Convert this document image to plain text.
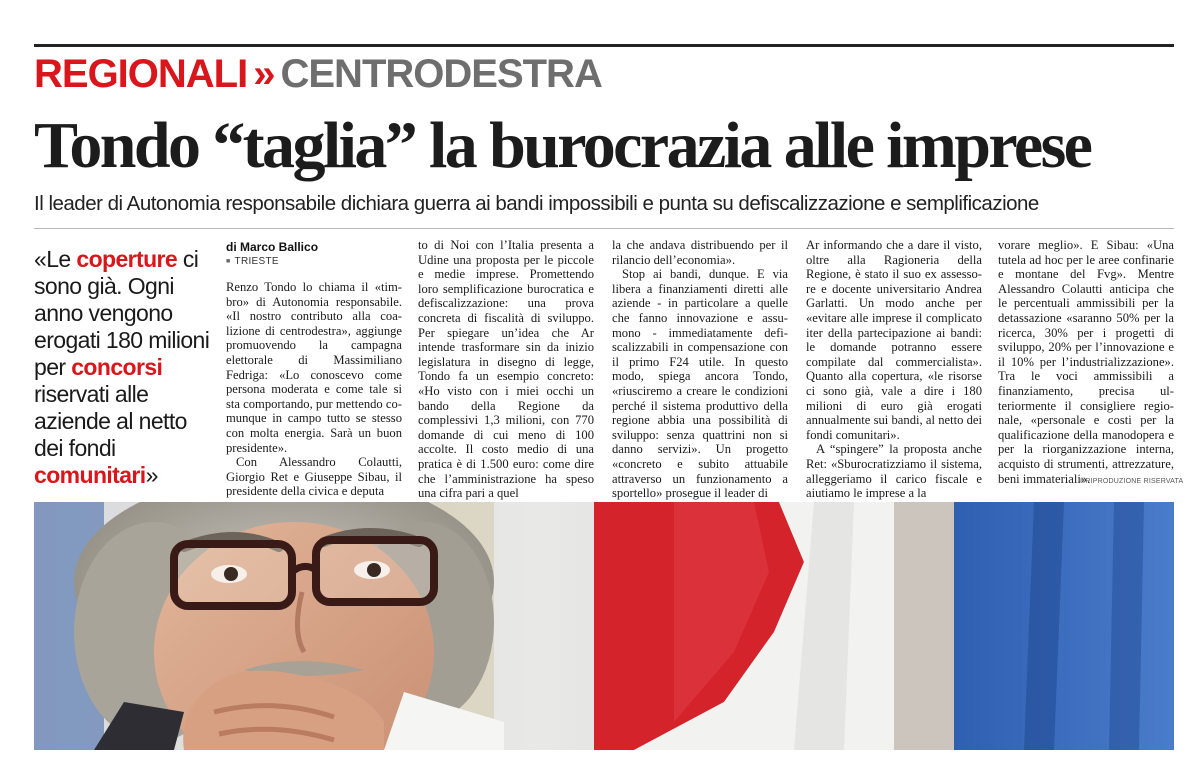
REGIONALI » CENTRODESTRA
Tondo “taglia” la burocrazia alle imprese
Il leader di Autonomia responsabile dichiara guerra ai bandi impossibili e punta su defiscalizzazione e semplificazione
«Le coperture ci sono già. Ogni anno vengono erogati 180 milioni per concorsi riservati alle aziende al netto dei fondi comunitari»
di Marco Ballico
■ TRIESTE

Renzo Tondo lo chiama il «timbro» di Autonomia responsabile. «Il nostro contributo alla coalizione di centrodestra», aggiunge promuovendo la campagna elettorale di Massimiliano Fedriga: «Lo conoscevo come persona moderata e come tale si sta comportando, pur mettendo comunque in campo tutto se stesso con molta energia. Sarà un buon presidente».

Con Alessandro Colautti, Giorgio Ret e Giuseppe Sibau, il presidente della civica e deputa

to di Noi con l’Italia presenta a Udine una proposta per le piccole e medie imprese. Promettendo loro semplificazione burocratica e defiscalizzazione: una prova concreta di fiscalità di sviluppo. Per spiegare un’idea che Ar intende trasformare sin da inizio legislatura in disegno di legge, Tondo fa un esempio concreto: «Ho visto con i miei occhi un bando della Regione da complessivi 1,3 milioni, con 770 domande di cui meno di 100 accolte. Il costo medio di una pratica è di 1.500 euro: come dire che l’amministrazione ha speso una cifra pari a quel

la che andava distribuendo per il rilancio dell’economia».

Stop ai bandi, dunque. E via libera a finanziamenti diretti alle aziende - in particolare a quelle che fanno innovazione e assumono - immediatamente defiscalizzabili in compensazione con il primo F24 utile. In questo modo, spiega ancora Tondo, «riusciremo a creare le condizioni perché il sistema produttivo della regione abbia una possibilità di sviluppo: senza quattrini non si danno servizi». Un progetto «concreto e subito attuabile attraverso un funzionamento a sportello» prosegue il leader di

Ar informando che a dare il visto, oltre alla Ragioneria della Regione, è stato il suo ex assessore e docente universitario Andrea Garlatti. Un modo anche per «evitare alle imprese il complicato iter della partecipazione ai bandi: le domande potranno essere compilate dal commercialista». Quanto alla copertura, «le risorse ci sono già, vale a dire i 180 milioni di euro già erogati annualmente sui bandi, al netto dei fondi comunitari».

A “spingere” la proposta anche Ret: «Sburocratizziamo il sistema, alleggeriamo il carico fiscale e aiutiamo le imprese a la

vorare meglio». E Sibau: «Una tutela ad hoc per le aree confinarie e montane del Fvg». Mentre Alessandro Colautti anticipa che le percentuali ammissibili per la detassazione «saranno 50% per la ricerca, 30% per i progetti di sviluppo, 20% per l’innovazione e il 10% per l’industrializzazione». Tra le voci ammissibili a finanziamento, precisa ulteriormente il consigliere regionale, «personale e costi per la qualificazione della manodopera e per la riorganizzazione interna, acquisto di strumenti, attrezzature, beni immateriali».

©RIPRODUZIONE RISERVATA
